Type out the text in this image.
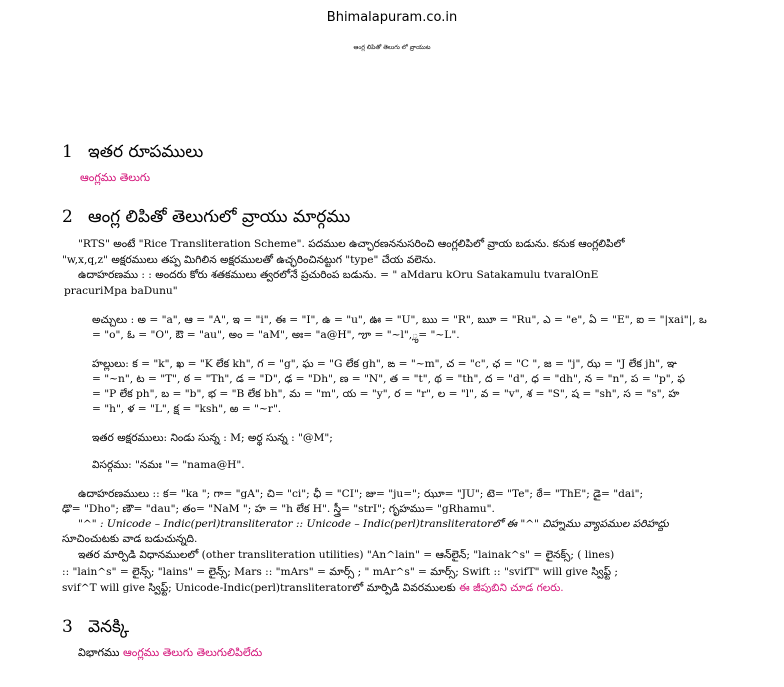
Bhimalapuram.co.in
ఆంగ్ల లిపితో తెలుగు లో వ్రాయుట
1 ఇతర రూపములు
ఆంగ్లము తెలుగు
2 ఆంగ్ల లిపితో తెలుగులో వ్రాయు మార్గము
"RTS" అంటే "Rice Transliteration Scheme". పదముల ఉచ్ఛారణననుసరించి ఆంగ్లలిపిలో వ్రాయ బడును. కనుక ఆంగ్లలిపిలో
"w,x,q,z" అక్షరములు తప్ప మిగిలిన అక్షరములతో ఉచ్ఛరించినట్టుగ "type" చేయ వలెను.
ఉదాహరణము : : అందరు కోరు శతకములు త్వరలోనే ప్రచురింప బడును. = " aMdaru kOru Satakamulu tvaralOnE
pracuriMpa baDunu"
అచ్చులు : అ = "a", ఆ = "A", ఇ = "i", ఈ = "I", ఉ = "u", ఊ = "U", ఋ = "R", ౠ = "Ru", ఎ = "e", ఏ = "E", ఐ = "|xai"|, ఒ
= "o", ఓ = "O", ఔ = "au", అం = "aM", అః= "a@H", ౡ = "~l",ౢ= "~L".
హల్లులు: క = "k", ఖ = "K లేక kh", గ = "g", ఘ = "G లేక gh", ఙ = "~m", చ = "c", ఛ = "C ", జ = "j", ఝ = "J లేక jh", ఞ
= "~n", ట = "T", ఠ = "Th", డ = "D", ఢ = "Dh", ణ = "N", త = "t", థ = "th", ద = "d", ధ = "dh", న = "n", ప = "p", ఫ
= "P లేక ph", బ = "b", భ = "B లేక bh", మ = "m", య = "y", ర = "r", ల = "l", వ = "v", శ = "S", ష = "sh", స = "s", హ
= "h", ళ = "L", క్ష = "ksh", ఱ = "~r".
ఇతర అక్షరములు: నిండు సున్న : M; అర్థ సున్న : "@M";
విసర్గము: "నమః "= "nama@H".
ఉదాహరణములు :: క= "ka "; గా= "gA"; చి= "ci"; ఛీ = "CI"; జు= "ju="; ఝూ= "JU"; టె= "Te"; ఠే= "ThE"; డై= "dai";
ఢొ= "Dho"; ణౌ= "dau"; తం= "NaM "; హ = "h లేక H". స్త్రీ= "strI"; గృహము= "gRhamu".
"^" : Unicode – Indic(perl)transliterator :: Unicode – Indic(perl)transliteratorలో ఈ "^" చిహ్నము వ్యాపముల పరిహద్దు
సూచించుటకు వాడ బడుచున్నది.
ఇతర మార్పిడి విధానములలో (other transliteration utilities) "An^lain" = ఆన్‌లైన్; "lainak^s" = లైనక్స్; ( lines)
:: "lain^s" = లైన్స్; "lains" = లైన్స్; Mars :: "mArs" = మార్స్ ; " mAr^s" = మార్స్; Swift :: "svifT" will give స్విఫ్ట్ ;
svif^T will give స్విఫ్ట్; Unicode-Indic(perl)transliteratorలో మార్పిడి వివరములకు ఈ జీపుబిని చూడ గలరు.
3 వెనక్కి
విభాగము ఆంగ్లము తెలుగు తెలుగులిపిలేదు
